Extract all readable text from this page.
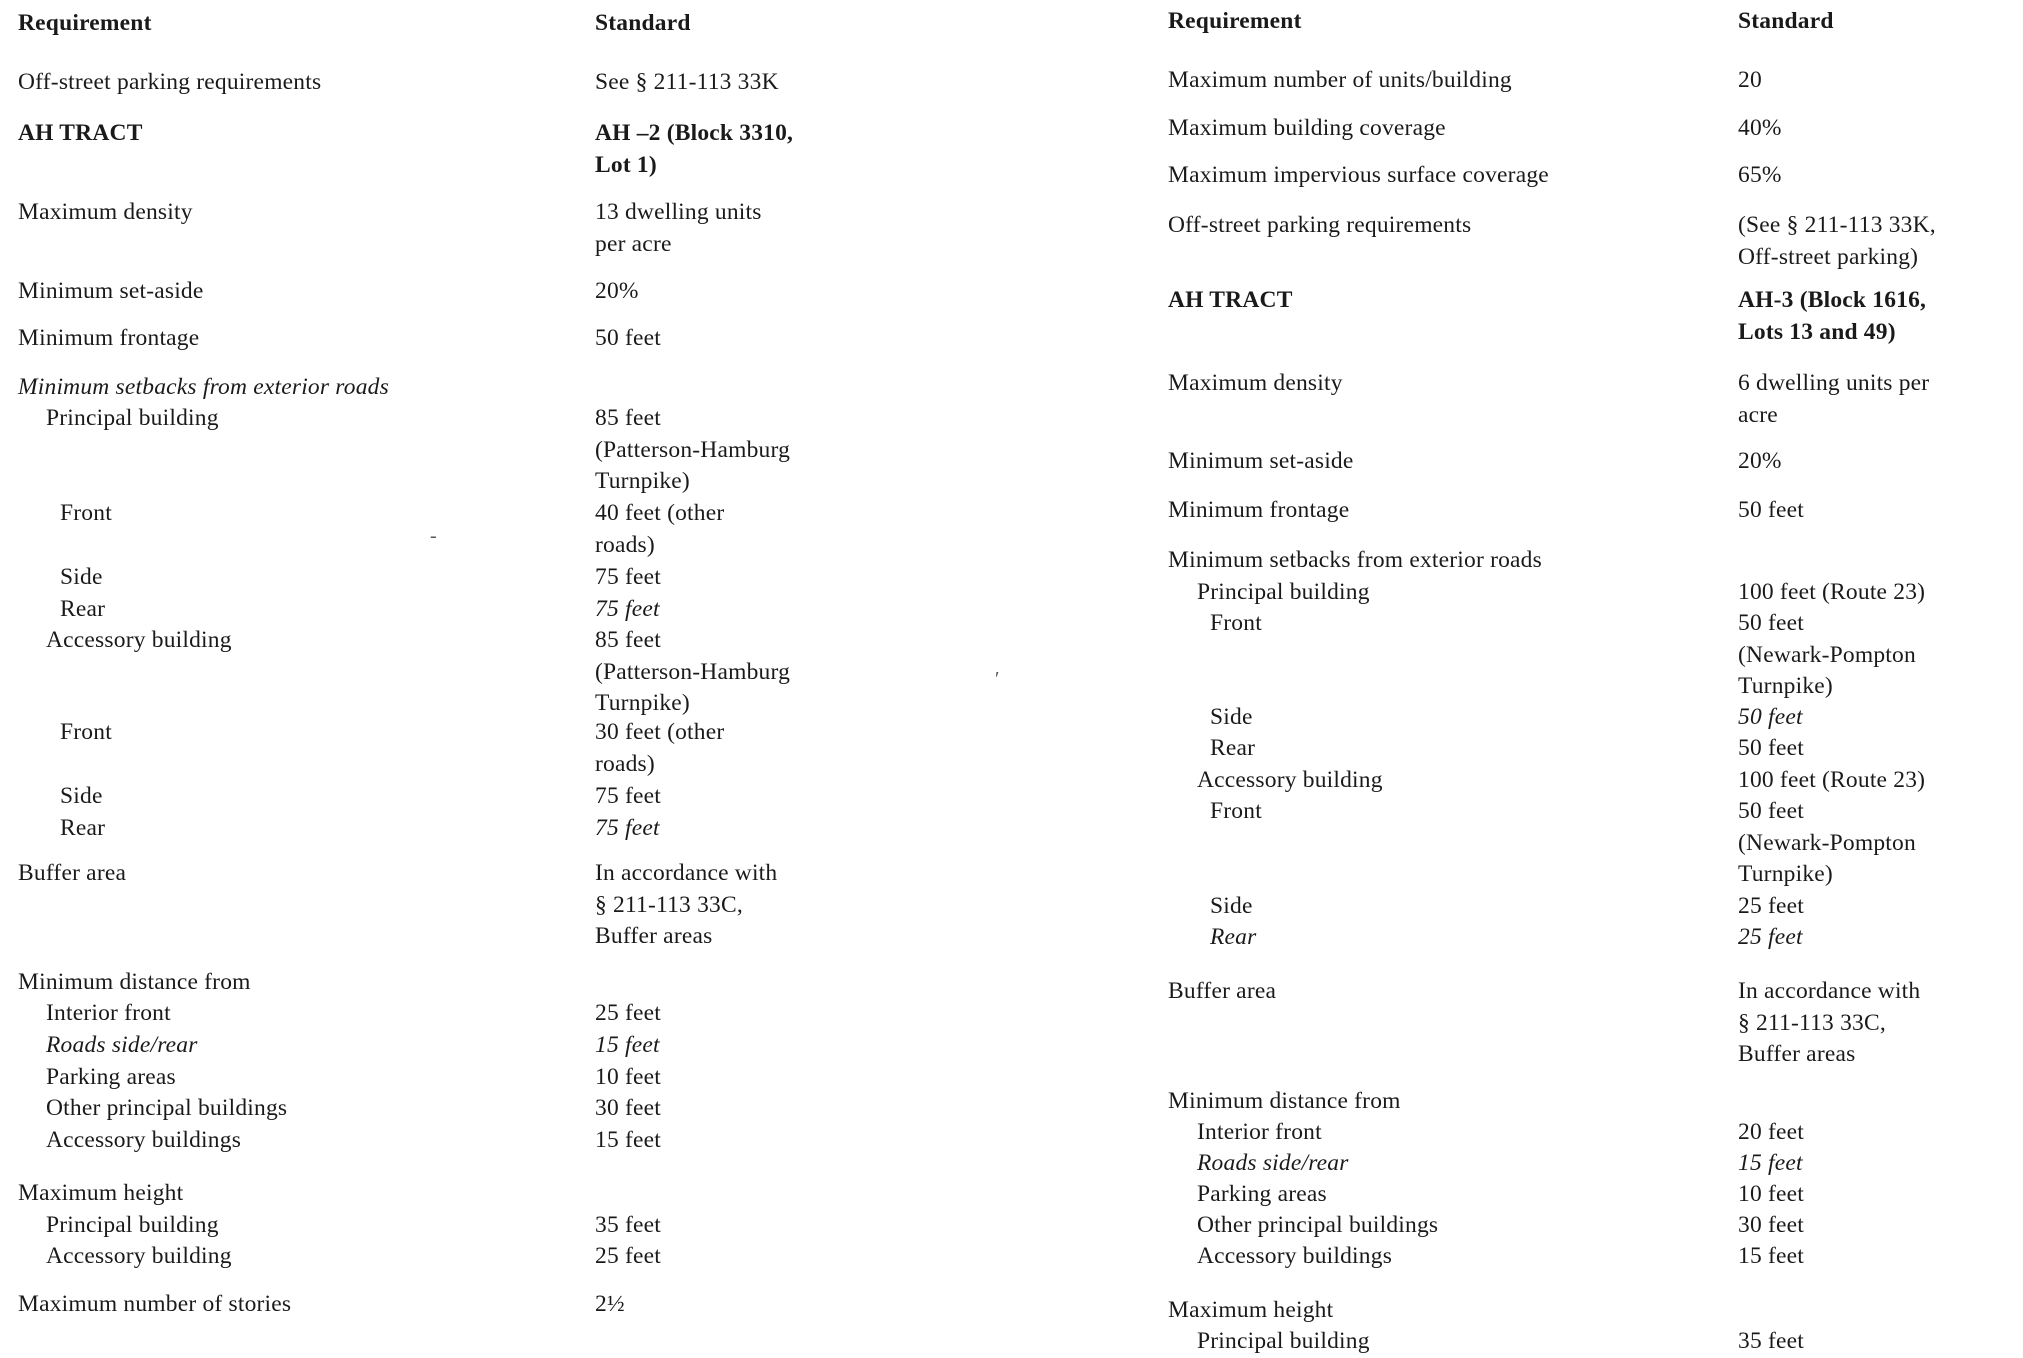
Requirement	Standard
Off-street parking requirements	See § 211-113 33K
AH TRACT	AH –2 (Block 3310,
Lot 1)
Maximum density	13 dwelling units
per acre
Minimum set-aside	20%
Minimum frontage	50 feet
Minimum setbacks from exterior roads
Principal building	85 feet
(Patterson-Hamburg
Turnpike)
Front	40 feet (other
roads)
Side	75 feet
Rear	75 feet
Accessory building	85 feet
(Patterson-Hamburg
Turnpike)
Front	30 feet (other
roads)
Side	75 feet
Rear	75 feet
Buffer area	In accordance with
§ 211-113 33C,
Buffer areas
Minimum distance from
Interior front	25 feet
Roads side/rear	15 feet
Parking areas	10 feet
Other principal buildings	30 feet
Accessory buildings	15 feet
Maximum height
Principal building	35 feet
Accessory building	25 feet
Maximum number of stories	2½
Requirement	Standard
Maximum number of units/building	20
Maximum building coverage	40%
Maximum impervious surface coverage	65%
Off-street parking requirements	(See § 211-113 33K,
Off-street parking)
AH TRACT	AH-3 (Block 1616,
Lots 13 and 49)
Maximum density	6 dwelling units per
acre
Minimum set-aside	20%
Minimum frontage	50 feet
Minimum setbacks from exterior roads
Principal building	100 feet (Route 23)
Front	50 feet
(Newark-Pompton
Turnpike)
Side	50 feet
Rear	50 feet
Accessory building	100 feet (Route 23)
Front	50 feet
(Newark-Pompton
Turnpike)
Side	25 feet
Rear	25 feet
Buffer area	In accordance with
§ 211-113 33C,
Buffer areas
Minimum distance from
Interior front	20 feet
Roads side/rear	15 feet
Parking areas	10 feet
Other principal buildings	30 feet
Accessory buildings	15 feet
Maximum height
Principal building	35 feet
′
-
